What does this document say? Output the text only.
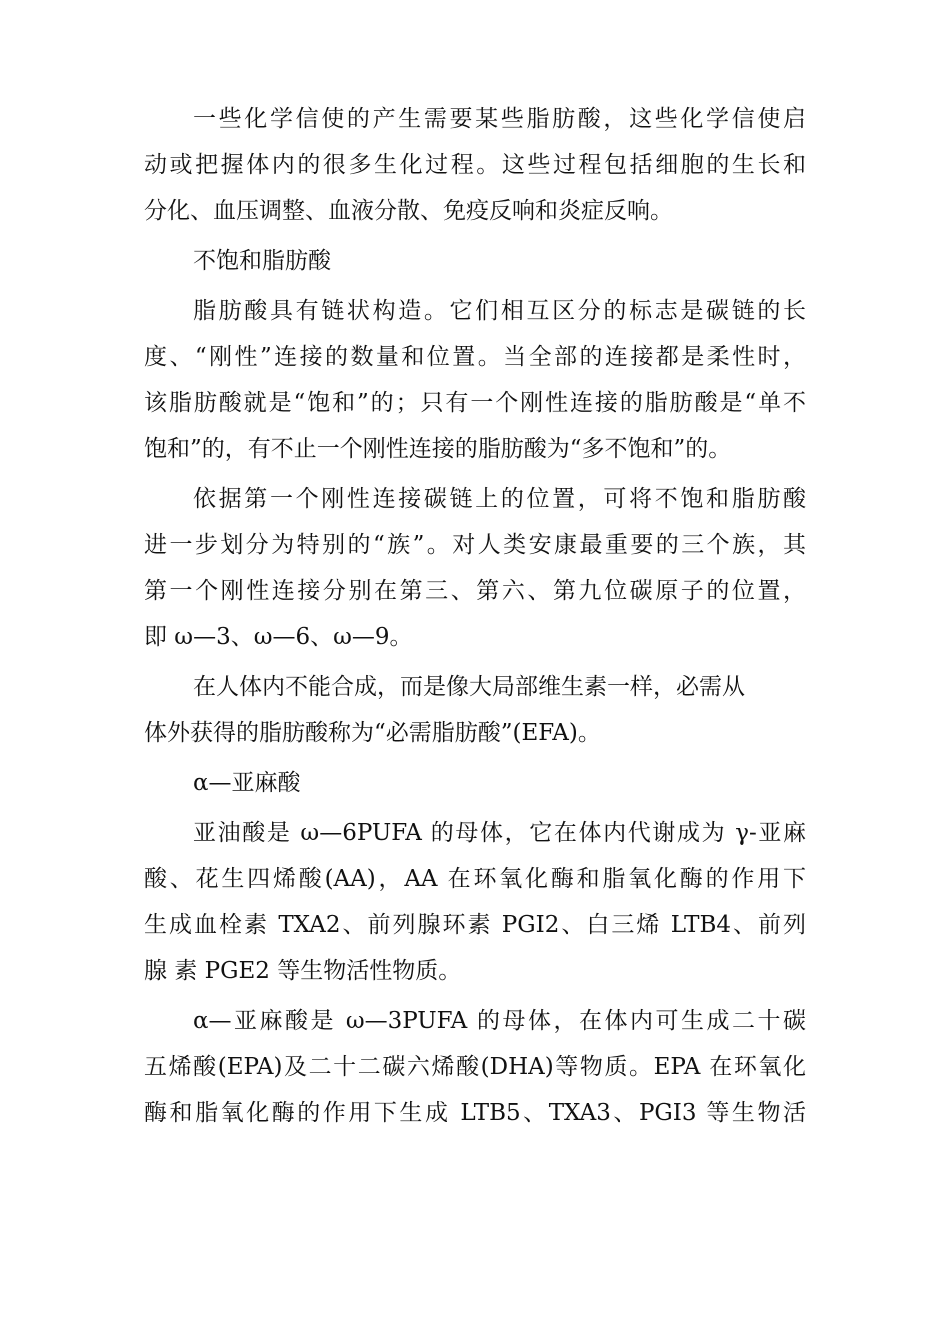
一些化学信使的产生需要某些脂肪酸，这些化学信使启
动或把握体内的很多生化过程。这些过程包括细胞的生长和
分化、血压调整、血液分散、免疫反响和炎症反响。
不饱和脂肪酸
脂肪酸具有链状构造。它们相互区分的标志是碳链的长
度、“刚性”连接的数量和位置。当全部的连接都是柔性时，
该脂肪酸就是“饱和”的；只有一个刚性连接的脂肪酸是“单不
饱和”的，有不止一个刚性连接的脂肪酸为“多不饱和”的。
依据第一个刚性连接碳链上的位置，可将不饱和脂肪酸
进一步划分为特别的“族”。对人类安康最重要的三个族，其
第一个刚性连接分别在第三、第六、第九位碳原子的位置，
即 ω—3、ω—6、ω—9。
在人体内不能合成，而是像大局部维生素一样，必需从
体外获得的脂肪酸称为“必需脂肪酸”(EFA)。
α—亚麻酸
亚油酸是 ω—6PUFA 的母体，它在体内代谢成为 γ-亚麻
酸、花生四烯酸(AA)，AA 在环氧化酶和脂氧化酶的作用下
生成血栓素 TXA2、前列腺环素 PGI2、白三烯 LTB4、前列
腺 素 PGE2 等生物活性物质。
α—亚麻酸是 ω—3PUFA 的母体，在体内可生成二十碳
五烯酸(EPA)及二十二碳六烯酸(DHA)等物质。EPA 在环氧化
酶和脂氧化酶的作用下生成 LTB5、TXA3、PGI3 等生物活
